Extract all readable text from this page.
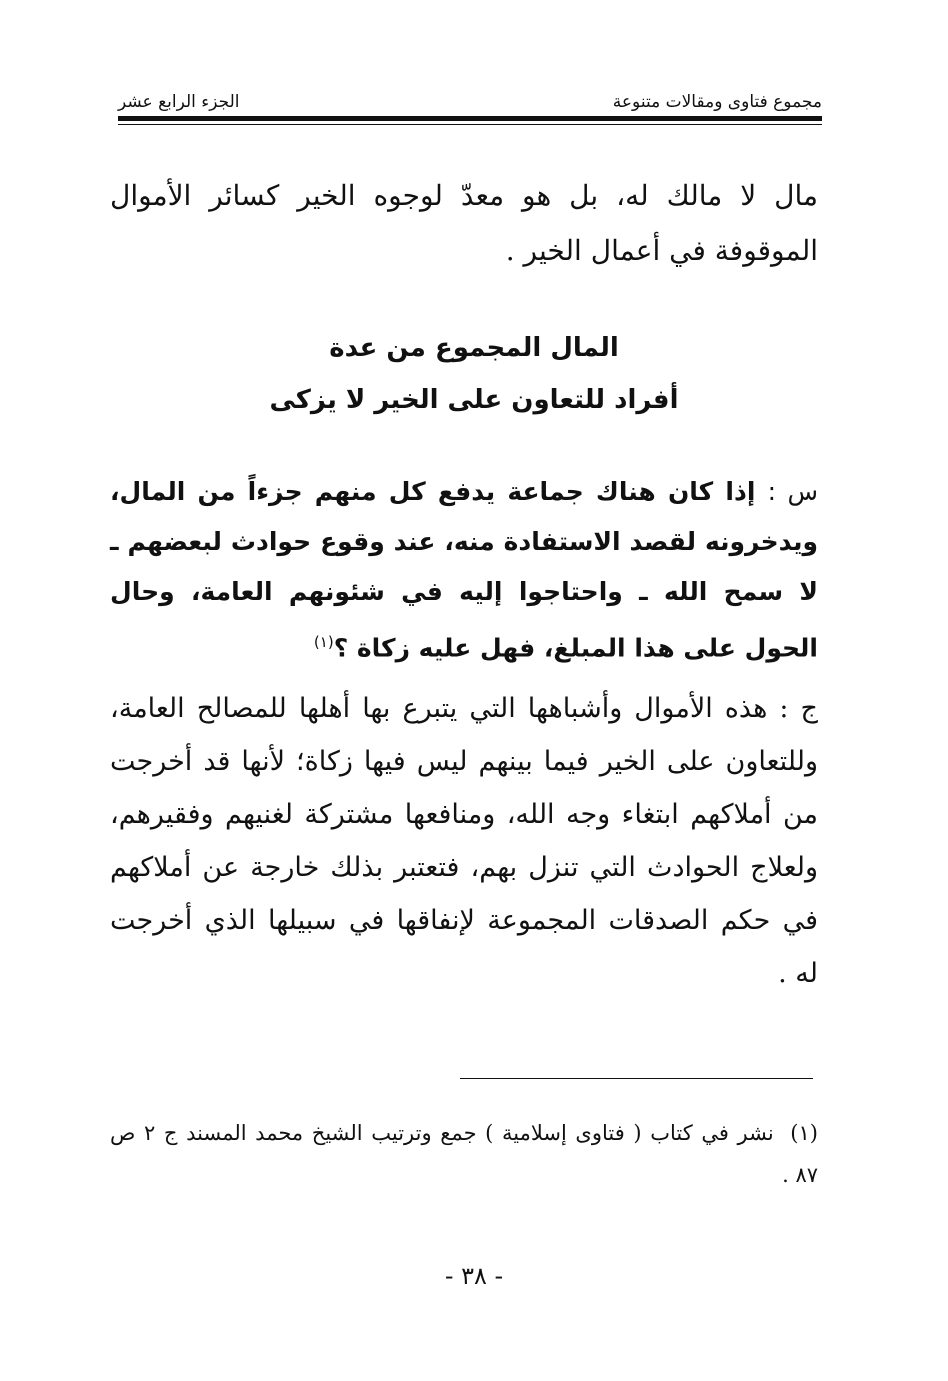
مجموع فتاوى ومقالات متنوعة
الجزء الرابع عشر
مال لا مالك له، بل هو معدّ لوجوه الخير كسائر الأموال الموقوفة في أعمال الخير .
المال المجموع من عدة
أفراد للتعاون على الخير لا يزكى
س : إذا كان هناك جماعة يدفع كل منهم جزءاً من المال، ويدخرونه لقصد الاستفادة منه، عند وقوع حوادث لبعضهم ـ لا سمح الله ـ واحتاجوا إليه في شئونهم العامة، وحال الحول على هذا المبلغ، فهل عليه زكاة ؟$^{(١)}$
ج : هذه الأموال وأشباهها التي يتبرع بها أهلها للمصالح العامة، وللتعاون على الخير فيما بينهم ليس فيها زكاة؛ لأنها قد أخرجت من أملاكهم ابتغاء وجه الله، ومنافعها مشتركة لغنيهم وفقيرهم، ولعلاج الحوادث التي تنزل بهم، فتعتبر بذلك خارجة عن أملاكهم في حكم الصدقات المجموعة لإنفاقها في سبيلها الذي أخرجت له .
(١) نشر في كتاب ( فتاوى إسلامية ) جمع وترتيب الشيخ محمد المسند ج ٢ ص ٨٧ .
- ٣٨ -
